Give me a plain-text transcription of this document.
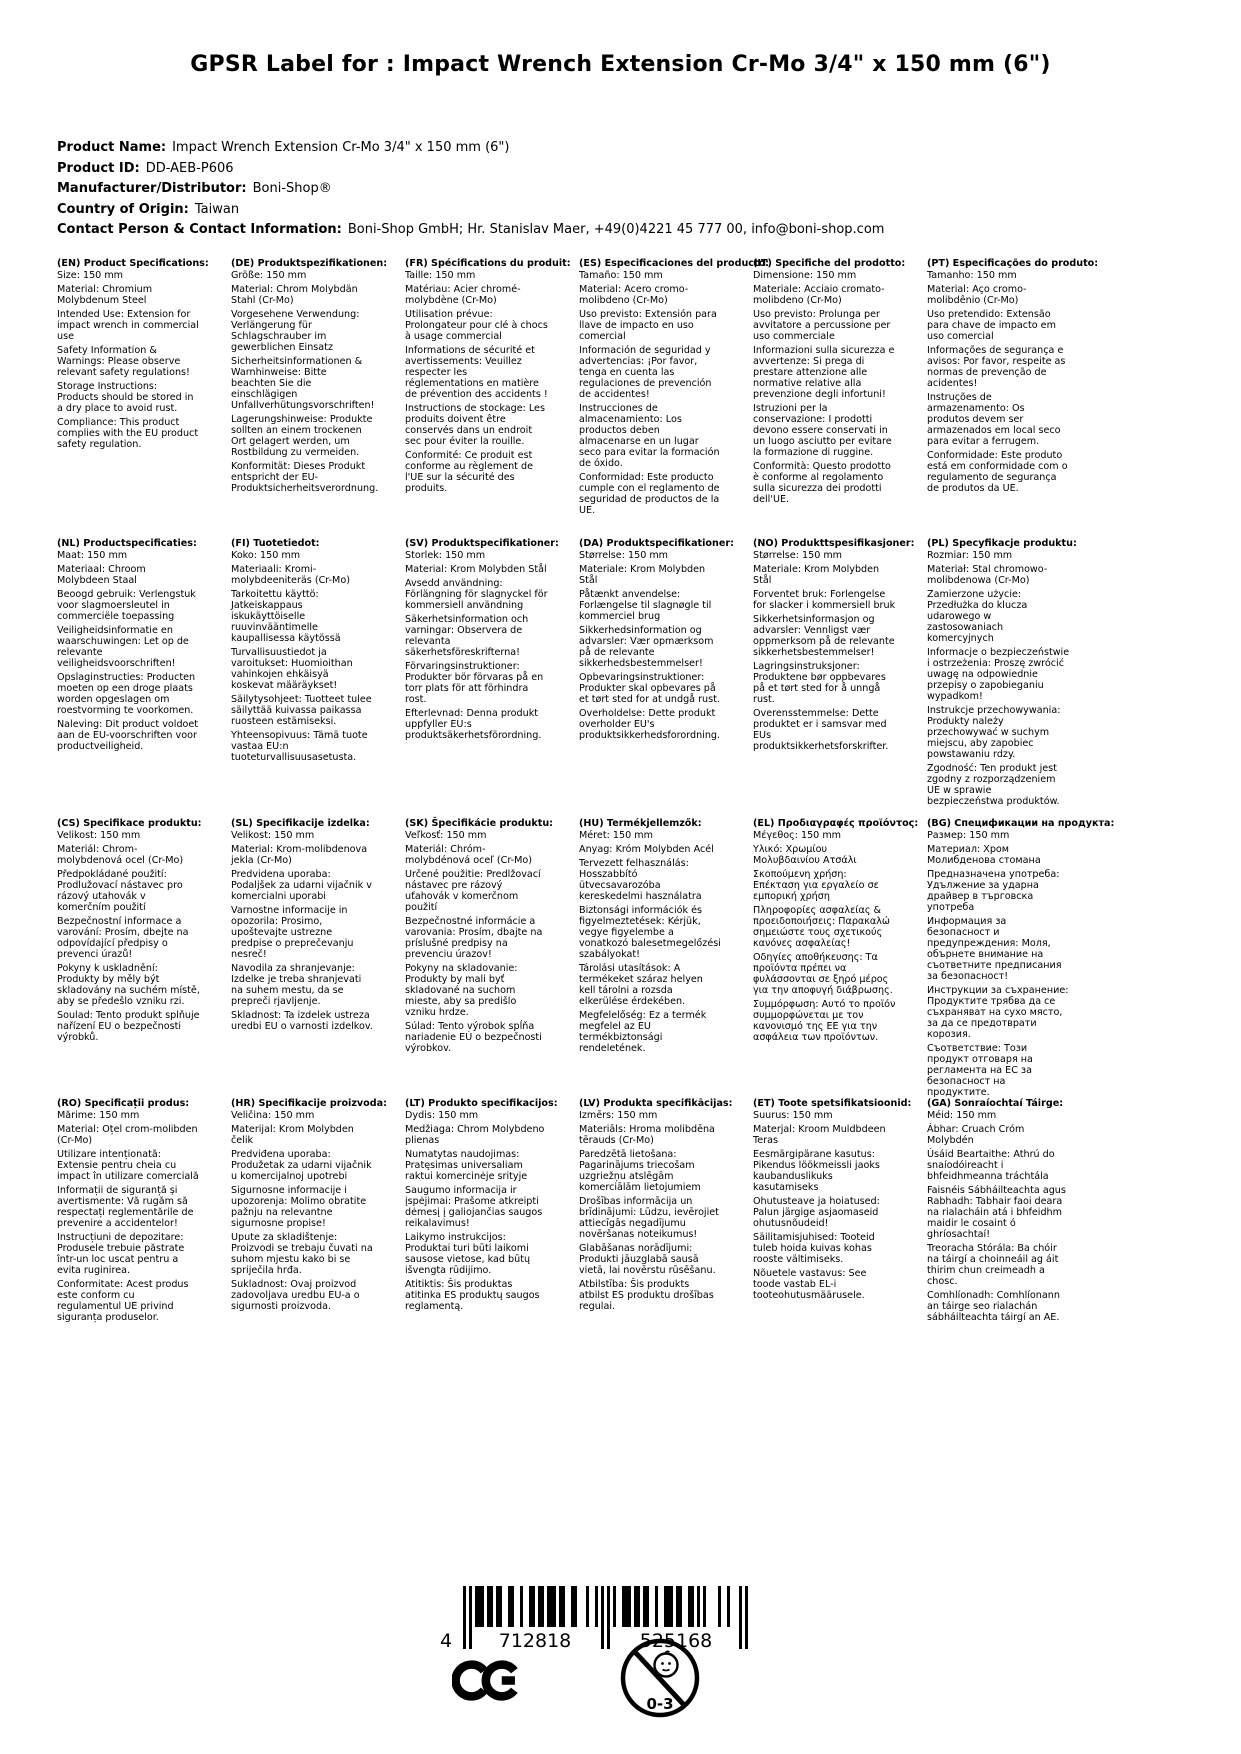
GPSR Label for : Impact Wrench Extension Cr-Mo 3/4" x 150 mm (6")
Product Name: Impact Wrench Extension Cr-Mo 3/4" x 150 mm (6")
Product ID: DD-AEB-P606
Manufacturer/Distributor: Boni-Shop®
Country of Origin: Taiwan
Contact Person & Contact Information: Boni-Shop GmbH; Hr. Stanislav Maer, +49(0)4221 45 777 00, info@boni-shop.com
(EN) Product Specifications:

Size: 150 mm

Material: Chromium Molybdenum Steel

Intended Use: Extension for impact wrench in commercial use

Safety Information & Warnings: Please observe relevant safety regulations!

Storage Instructions: Products should be stored in a dry place to avoid rust.

Compliance: This product complies with the EU product safety regulation.

(DE) Produktspezifikationen:

Größe: 150 mm

Material: Chrom Molybdän Stahl (Cr-Mo)

Vorgesehene Verwendung: Verlängerung für Schlagschrauber im gewerblichen Einsatz

Sicherheitsinformationen & Warnhinweise: Bitte beachten Sie die einschlägigen Unfallverhütungsvorschriften!

Lagerungshinweise: Produkte sollten an einem trockenen Ort gelagert werden, um Rostbildung zu vermeiden.

Konformität: Dieses Produkt entspricht der EU-Produktsicherheitsverordnung.

(FR) Spécifications du produit:

Taille: 150 mm

Matériau: Acier chromé-molybdène (Cr-Mo)

Utilisation prévue: Prolongateur pour clé à chocs à usage commercial

Informations de sécurité et avertissements: Veuillez respecter les réglementations en matière de prévention des accidents !

Instructions de stockage: Les produits doivent être conservés dans un endroit sec pour éviter la rouille.

Conformité: Ce produit est conforme au règlement de l'UE sur la sécurité des produits.

(ES) Especificaciones del producto:

Tamaño: 150 mm

Material: Acero cromo-molibdeno (Cr-Mo)

Uso previsto: Extensión para llave de impacto en uso comercial

Información de seguridad y advertencias: ¡Por favor, tenga en cuenta las regulaciones de prevención de accidentes!

Instrucciones de almacenamiento: Los productos deben almacenarse en un lugar seco para evitar la formación de óxido.

Conformidad: Este producto cumple con el reglamento de seguridad de productos de la UE.

(IT) Specifiche del prodotto:

Dimensione: 150 mm

Materiale: Acciaio cromato-molibdeno (Cr-Mo)

Uso previsto: Prolunga per avvitatore a percussione per uso commerciale

Informazioni sulla sicurezza e avvertenze: Si prega di prestare attenzione alle normative relative alla prevenzione degli infortuni!

Istruzioni per la conservazione: I prodotti devono essere conservati in un luogo asciutto per evitare la formazione di ruggine.

Conformità: Questo prodotto è conforme al regolamento sulla sicurezza dei prodotti dell'UE.

(PT) Especificações do produto:

Tamanho: 150 mm

Material: Aço cromo-molibdênio (Cr-Mo)

Uso pretendido: Extensão para chave de impacto em uso comercial

Informações de segurança e avisos: Por favor, respeite as normas de prevenção de acidentes!

Instruções de armazenamento: Os produtos devem ser armazenados em local seco para evitar a ferrugem.

Conformidade: Este produto está em conformidade com o regulamento de segurança de produtos da UE.

(NL) Productspecificaties:

Maat: 150 mm

Materiaal: Chroom Molybdeen Staal

Beoogd gebruik: Verlengstuk voor slagmoersleutel in commerciële toepassing

Veiligheidsinformatie en waarschuwingen: Let op de relevante veiligheidsvoorschriften!

Opslaginstructies: Producten moeten op een droge plaats worden opgeslagen om roestvorming te voorkomen.

Naleving: Dit product voldoet aan de EU-voorschriften voor productveiligheid.

(FI) Tuotetiedot:

Koko: 150 mm

Materiaali: Kromi-molybdeeniteräs (Cr-Mo)

Tarkoitettu käyttö: Jatkeiskappaus iskukäyttöiselle ruuvinvääntimelle kaupallisessa käytössä

Turvallisuustiedot ja varoitukset: Huomioithan vahinkojen ehkäisyä koskevat määräykset!

Säilytysohjeet: Tuotteet tulee säilyttää kuivassa paikassa ruosteen estämiseksi.

Yhteensopivuus: Tämä tuote vastaa EU:n tuoteturvallisuusasetusta.

(SV) Produktspecifikationer:

Storlek: 150 mm

Material: Krom Molybden Stål

Avsedd användning: Förlängning för slagnyckel för kommersiell användning

Säkerhetsinformation och varningar: Observera de relevanta säkerhetsföreskrifterna!

Förvaringsinstruktioner: Produkter bör förvaras på en torr plats för att förhindra rost.

Efterlevnad: Denna produkt uppfyller EU:s produktsäkerhetsförordning.

(DA) Produktspecifikationer:

Størrelse: 150 mm

Materiale: Krom Molybden Stål

Påtænkt anvendelse: Forlængelse til slagnøgle til kommerciel brug

Sikkerhedsinformation og advarsler: Vær opmærksom på de relevante sikkerhedsbestemmelser!

Opbevaringsinstruktioner: Produkter skal opbevares på et tørt sted for at undgå rust.

Overholdelse: Dette produkt overholder EU's produktsikkerhedsforordning.

(NO) Produkttspesifikasjoner:

Størrelse: 150 mm

Materiale: Krom Molybden Stål

Forventet bruk: Forlengelse for slacker i kommersiell bruk

Sikkerhetsinformasjon og advarsler: Vennligst vær oppmerksom på de relevante sikkerhetsbestemmelser!

Lagringsinstruksjoner: Produktene bør oppbevares på et tørt sted for å unngå rust.

Overensstemmelse: Dette produktet er i samsvar med EUs produktsikkerhetsforskrifter.

(PL) Specyfikacje produktu:

Rozmiar: 150 mm

Materiał: Stal chromowo-molibdenowa (Cr-Mo)

Zamierzone użycie: Przedłużka do klucza udarowego w zastosowaniach komercyjnych

Informacje o bezpieczeństwie i ostrzeżenia: Proszę zwrócić uwagę na odpowiednie przepisy o zapobieganiu wypadkom!

Instrukcje przechowywania: Produkty należy przechowywać w suchym miejscu, aby zapobiec powstawaniu rdzy.

Zgodność: Ten produkt jest zgodny z rozporządzeniem UE w sprawie bezpieczeństwa produktów.

(CS) Specifikace produktu:

Velikost: 150 mm

Materiál: Chrom-molybdenová ocel (Cr-Mo)

Předpokládané použití: Prodlužovací nástavec pro rázový utahovák v komerčním použití

Bezpečnostní informace a varování: Prosím, dbejte na odpovídající předpisy o prevenci úrazů!

Pokyny k uskladnění: Produkty by měly být skladovány na suchém místě, aby se předešlo vzniku rzi.

Soulad: Tento produkt splňuje nařízení EU o bezpečnosti výrobků.

(SL) Specifikacije izdelka:

Velikost: 150 mm

Material: Krom-molibdenova jekla (Cr-Mo)

Predvidena uporaba: Podaljšek za udarni vijačnik v komercialni uporabi

Varnostne informacije in opozorila: Prosimo, upoštevajte ustrezne predpise o preprečevanju nesreč!

Navodila za shranjevanje: Izdelke je treba shranjevati na suhem mestu, da se prepreči rjavljenje.

Skladnost: Ta izdelek ustreza uredbi EU o varnosti izdelkov.

(SK) Špecifikácie produktu:

Veľkosť: 150 mm

Materiál: Chróm-molybdénová oceľ (Cr-Mo)

Určené použitie: Predlžovací nástavec pre rázový uťahovák v komerčnom použití

Bezpečnostné informácie a varovania: Prosím, dbajte na príslušné predpisy na prevenciu úrazov!

Pokyny na skladovanie: Produkty by mali byť skladované na suchom mieste, aby sa predišlo vzniku hrdze.

Súlad: Tento výrobok spĺňa nariadenie EÚ o bezpečnosti výrobkov.

(HU) Termékjellemzők:

Méret: 150 mm

Anyag: Króm Molybden Acél

Tervezett felhasználás: Hosszabbító ütvecsavarozóba kereskedelmi használatra

Biztonsági információk és figyelmeztetések: Kérjük, vegye figyelembe a vonatkozó balesetmegelőzési szabályokat!

Tárolási utasítások: A termékeket száraz helyen kell tárolni a rozsda elkerülése érdekében.

Megfelelőség: Ez a termék megfelel az EU termékbiztonsági rendeletének.

(EL) Προδιαγραφές προϊόντος:

Μέγεθος: 150 mm

Υλικό: Χρωμίου Μολυβδαινίου Ατσάλι

Σκοπούμενη χρήση: Επέκταση για εργαλείο σε εμπορική χρήση

Πληροφορίες ασφαλείας & προειδοποιήσεις: Παρακαλώ σημειώστε τους σχετικούς κανόνες ασφαλείας!

Οδηγίες αποθήκευσης: Τα προϊόντα πρέπει να φυλάσσονται σε ξηρό μέρος για την αποφυγή διάβρωσης.

Συμμόρφωση: Αυτό το προϊόν συμμορφώνεται με τον κανονισμό της ΕΕ για την ασφάλεια των προϊόντων.

(BG) Спецификации на продукта:

Размер: 150 mm

Материал: Хром Молибденова стомана

Предназначена употреба: Удължение за ударна драйвер в търговска употреба

Информация за безопасност и предупреждения: Моля, обърнете внимание на съответните предписания за безопасност!

Инструкции за съхранение: Продуктите трябва да се съхраняват на сухо място, за да се предотврати корозия.

Съответствие: Този продукт отговаря на регламента на ЕС за безопасност на продуктите.

(RO) Specificații produs:

Mărime: 150 mm

Material: Oțel crom-molibden (Cr-Mo)

Utilizare intenționată: Extensie pentru cheia cu impact în utilizare comercială

Informații de siguranță și avertismente: Vă rugăm să respectați reglementările de prevenire a accidentelor!

Instrucțiuni de depozitare: Produsele trebuie păstrate într-un loc uscat pentru a evita ruginirea.

Conformitate: Acest produs este conform cu regulamentul UE privind siguranța produselor.

(HR) Specifikacije proizvoda:

Veličina: 150 mm

Materijal: Krom Molybden čelik

Predviđena uporaba: Produžetak za udarni vijačnik u komercijalnoj upotrebi

Sigurnosne informacije i upozorenja: Molimo obratite pažnju na relevantne sigurnosne propise!

Upute za skladištenje: Proizvodi se trebaju čuvati na suhom mjestu kako bi se spriječila hrđa.

Sukladnost: Ovaj proizvod zadovoljava uredbu EU-a o sigurnosti proizvoda.

(LT) Produkto specifikacijos:

Dydis: 150 mm

Medžiaga: Chrom Molybdeno plienas

Numatytas naudojimas: Pratęsimas universaliam raktui komercinėje srityje

Saugumo informacija ir įspėjimai: Prašome atkreipti dėmesį į galiojančias saugos reikalavimus!

Laikymo instrukcijos: Produktai turi būti laikomi sausose vietose, kad būtų išvengta rūdijimo.

Atitiktis: Šis produktas atitinka ES produktų saugos reglamentą.

(LV) Produkta specifikācijas:

Izmērs: 150 mm

Materiāls: Hroma molibdēna tērauds (Cr-Mo)

Paredzētā lietošana: Pagarinājums triecošam uzgriežņu atslēgām komerciālām lietojumiem

Drošības informācija un brīdinājumi: Lūdzu, ievērojiet attiecīgās negadījumu novēršanas noteikumus!

Glabāšanas norādījumi: Produkti jāuzglabā sausā vietā, lai novērstu rūsēšanu.

Atbilstība: Šis produkts atbilst ES produktu drošības regulai.

(ET) Toote spetsifikatsioonid:

Suurus: 150 mm

Materjal: Kroom Muldbdeen Teras

Eesmärgipärane kasutus: Pikendus löökmeissli jaoks kaubanduslikuks kasutamiseks

Ohutusteave ja hoiatused: Palun järgige asjaomaseid ohutusnõudeid!

Säilitamisjuhised: Tooteid tuleb hoida kuivas kohas rooste vältimiseks.

Nõuetele vastavus: See toode vastab EL-i tooteohutusmäärusele.

(GA) Sonraíochtaí Táirge:

Méid: 150 mm

Ábhar: Cruach Cróm Molybdén

Úsáid Beartaithe: Athrú do snaíodóireacht i bhfeidhmeanna tráchtála

Faisnéis Sábháilteachta agus Rabhadh: Tabhair faoi deara na rialacháin atá i bhfeidhm maidir le cosaint ó ghríosachtaí!

Treoracha Stórála: Ba chóir na táirgí a choinneáil ag áit thirim chun creimeadh a chosc.

Comhlíonadh: Comhlíonann an táirge seo rialachán sábháilteachta táirgí an AE.

4 712818	525168
0-3
